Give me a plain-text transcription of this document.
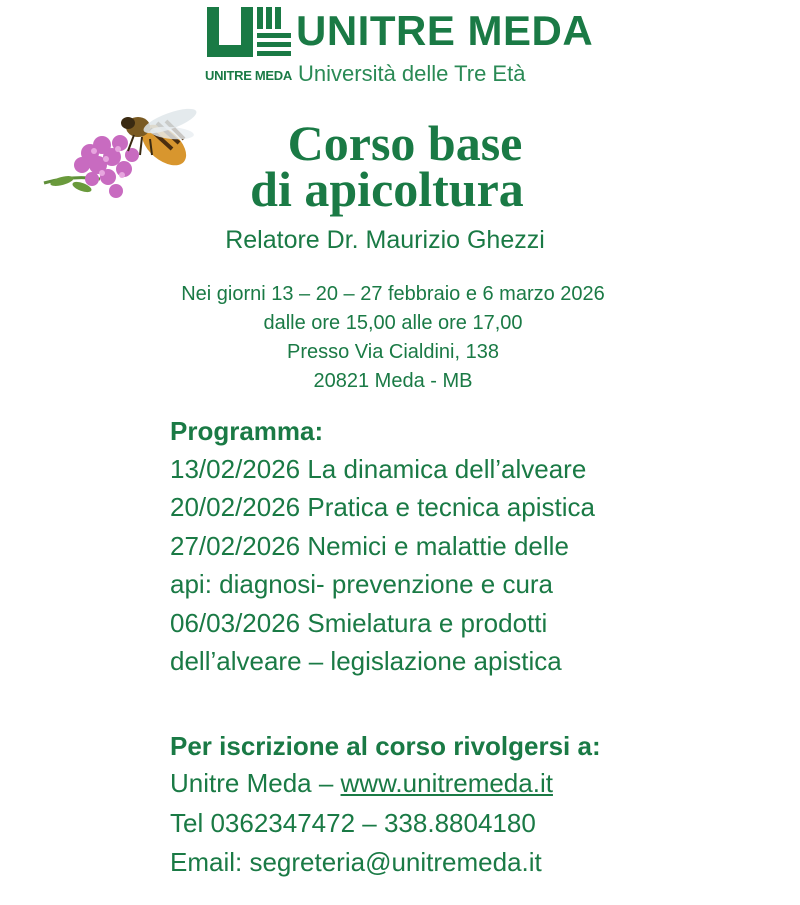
UNITRE MEDA
UNITRE MEDA Università delle Tre Età
Corso base
di apicoltura
Relatore Dr. Maurizio Ghezzi
Nei giorni 13 – 20 – 27 febbraio e 6 marzo 2026
dalle ore 15,00 alle ore 17,00
Presso Via Cialdini, 138
20821 Meda - MB
Programma:
13/02/2026 La dinamica dell’alveare
20/02/2026 Pratica e tecnica apistica
27/02/2026 Nemici e malattie delle
api: diagnosi- prevenzione e cura
06/03/2026 Smielatura e prodotti
dell’alveare – legislazione apistica
Per iscrizione al corso rivolgersi a:
Unitre Meda – www.unitremeda.it
Tel 0362347472 – 338.8804180
Email: segreteria@unitremeda.it
